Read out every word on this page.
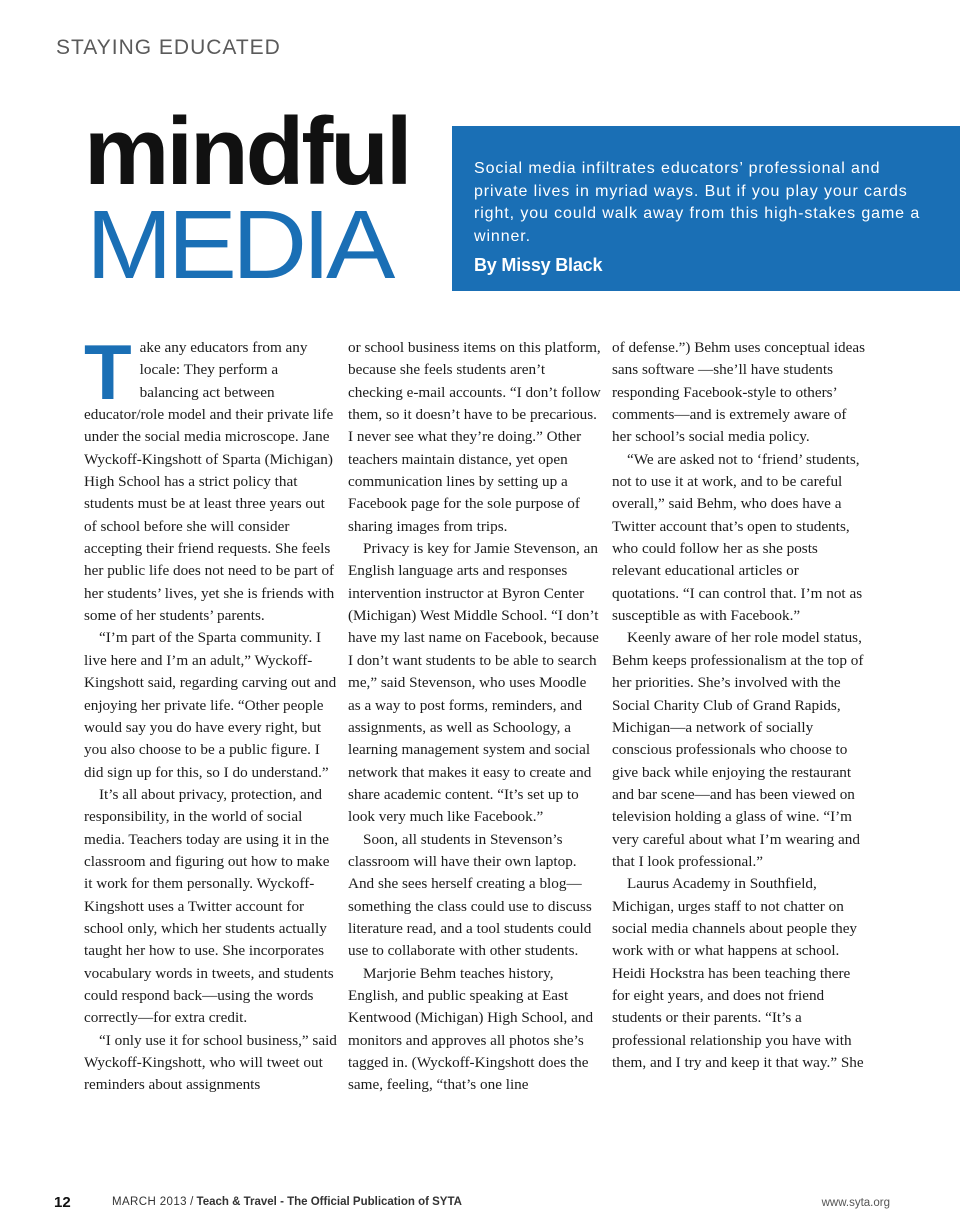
STAYING EDUCATED
mindful
MEDIA

Social media infiltrates educators’ professional and private lives in myriad ways. But if you play your cards right, you could walk away from this high-stakes game a winner.

By Missy Black

Take any educators from any locale: They perform a balancing act between educator/role model and their private life under the social media microscope. Jane Wyckoff-Kingshott of Sparta (Michigan) High School has a strict policy that students must be at least three years out of school before she will consider accepting their friend requests. She feels her public life does not need to be part of her students’ lives, yet she is friends with some of her students’ parents.

“I’m part of the Sparta community. I live here and I’m an adult,” Wyckoff-Kingshott said, regarding carving out and enjoying her private life. “Other people would say you do have every right, but you also choose to be a public figure. I did sign up for this, so I do understand.”

It’s all about privacy, protection, and responsibility, in the world of social media. Teachers today are using it in the classroom and figuring out how to make it work for them personally. Wyckoff-Kingshott uses a Twitter account for school only, which her students actually taught her how to use. She incorporates vocabulary words in tweets, and students could respond back—using the words correctly—for extra credit.

“I only use it for school business,” said Wyckoff-Kingshott, who will tweet out reminders about assignments

or school business items on this platform, because she feels students aren’t checking e-mail accounts. “I don’t follow them, so it doesn’t have to be precarious. I never see what they’re doing.” Other teachers maintain distance, yet open communication lines by setting up a Facebook page for the sole purpose of sharing images from trips.

Privacy is key for Jamie Stevenson, an English language arts and responses intervention instructor at Byron Center (Michigan) West Middle School. “I don’t have my last name on Facebook, because I don’t want students to be able to search me,” said Stevenson, who uses Moodle as a way to post forms, reminders, and assignments, as well as Schoology, a learning management system and social network that makes it easy to create and share academic content. “It’s set up to look very much like Facebook.”

Soon, all students in Stevenson’s classroom will have their own laptop. And she sees herself creating a blog—something the class could use to discuss literature read, and a tool students could use to collaborate with other students.

Marjorie Behm teaches history, English, and public speaking at East Kentwood (Michigan) High School, and monitors and approves all photos she’s tagged in. (Wyckoff-Kingshott does the same, feeling, “that’s one line

of defense.”) Behm uses conceptual ideas sans software —she’ll have students responding Facebook-style to others’ comments—and is extremely aware of her school’s social media policy.

“We are asked not to ‘friend’ students, not to use it at work, and to be careful overall,” said Behm, who does have a Twitter account that’s open to students, who could follow her as she posts relevant educational articles or quotations. “I can control that. I’m not as susceptible as with Facebook.”

Keenly aware of her role model status, Behm keeps professionalism at the top of her priorities. She’s involved with the Social Charity Club of Grand Rapids, Michigan—a network of socially conscious professionals who choose to give back while enjoying the restaurant and bar scene—and has been viewed on television holding a glass of wine. “I’m very careful about what I’m wearing and that I look professional.”

Laurus Academy in Southfield, Michigan, urges staff to not chatter on social media channels about people they work with or what happens at school. Heidi Hockstra has been teaching there for eight years, and does not friend students or their parents. “It’s a professional relationship you have with them, and I try and keep it that way.” She

12	MARCH 2013 / Teach & Travel - The Official Publication of SYTA	www.syta.org
